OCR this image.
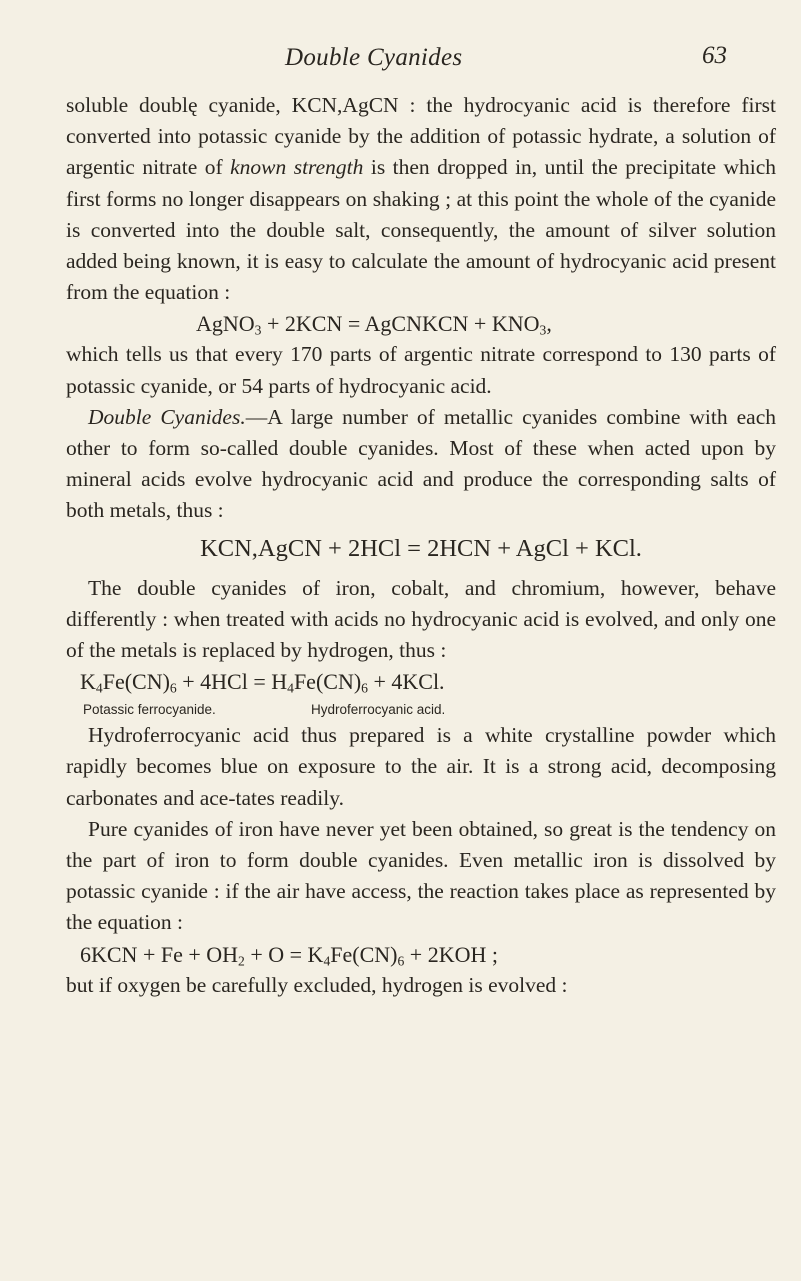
Double Cyanides	63

soluble doublę cyanide, KCN,AgCN : the hydrocyanic acid is therefore first converted into potassic cyanide by the addition of potassic hydrate, a solution of argentic nitrate of known strength is then dropped in, until the precipitate which first forms no longer disappears on shaking ; at this point the whole of the cyanide is converted into the double salt, consequently, the amount of silver solution added being known, it is easy to calculate the amount of hydrocyanic acid present from the equation :

AgNO$_3$ + 2KCN = AgCNKCN + $KNO_3$,

which tells us that every 170 parts of argentic nitrate correspond to 130 parts of potassic cyanide, or 54 parts of hydrocyanic acid.

Double Cyanides.—A large number of metallic cyanides combine with each other to form so-called double cyanides. Most of these when acted upon by mineral acids evolve hydrocyanic acid and produce the corresponding salts of both metals, thus :

KCN,AgCN + 2HCl = 2HCN + AgCl + KCl.

The double cyanides of iron, cobalt, and chromium, however, behave differently : when treated with acids no hydrocyanic acid is evolved, and only one of the metals is replaced by hydrogen, thus :

$K_4Fe(CN)_6 + 4HCl = H_4Fe(CN)_6 + 4KCl$.
Potassic ferrocyanide.	Hydroferrocyanic acid.

Hydroferrocyanic acid thus prepared is a white crystalline powder which rapidly becomes blue on exposure to the air. It is a strong acid, decomposing carbonates and ace-tates readily.

Pure cyanides of iron have never yet been obtained, so great is the tendency on the part of iron to form double cyanides. Even metallic iron is dissolved by potassic cyanide : if the air have access, the reaction takes place as represented by the equation :

$6KCN + Fe + OH_2 + O = K_4Fe(CN)_6 + 2KOH$ ;

but if oxygen be carefully excluded, hydrogen is evolved :
